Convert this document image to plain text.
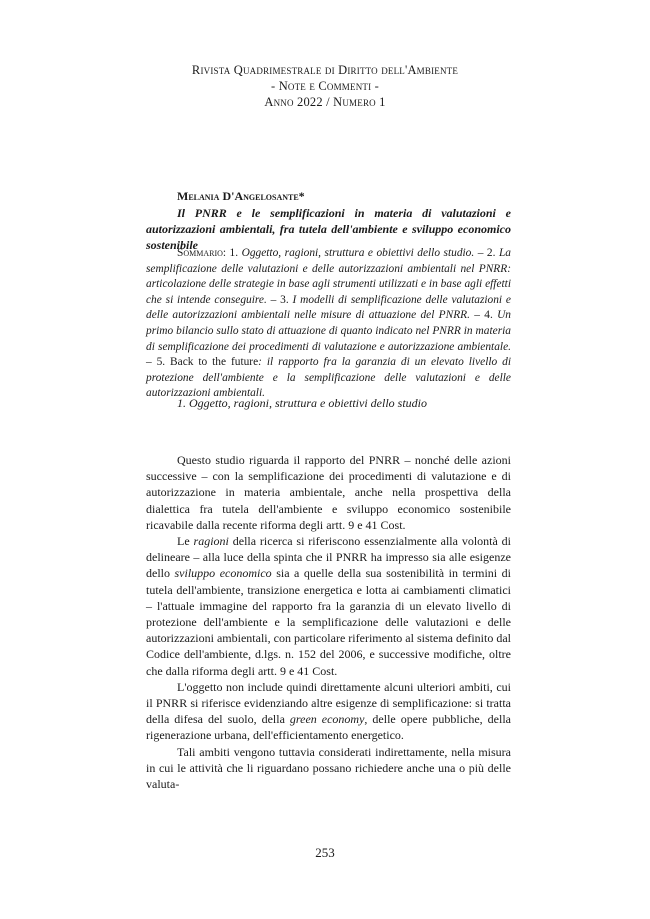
Rivista Quadrimestrale di Diritto dell'Ambiente
- Note e Commenti -
Anno 2022 / Numero 1
Melania D'Angelosante*
Il PNRR e le semplificazioni in materia di valutazioni e autorizzazioni ambientali, fra tutela dell'ambiente e sviluppo economico sostenibile
Sommario: 1. Oggetto, ragioni, struttura e obiettivi dello studio. – 2. La semplificazione delle valutazioni e delle autorizzazioni ambientali nel PNRR: articolazione delle strategie in base agli strumenti utilizzati e in base agli effetti che si intende conseguire. – 3. I modelli di semplificazione delle valutazioni e delle autorizzazioni ambientali nelle misure di attuazione del PNRR. – 4. Un primo bilancio sullo stato di attuazione di quanto indicato nel PNRR in materia di semplificazione dei procedimenti di valutazione e autorizzazione ambientale. – 5. Back to the future: il rapporto fra la garanzia di un elevato livello di protezione dell'ambiente e la semplificazione delle valutazioni e delle autorizzazioni ambientali.
1. Oggetto, ragioni, struttura e obiettivi dello studio

Questo studio riguarda il rapporto del PNRR – nonché delle azioni successive – con la semplificazione dei procedimenti di valutazione e di autorizzazione in materia ambientale, anche nella prospettiva della dialettica fra tutela dell'ambiente e sviluppo economico sostenibile ricavabile dalla recente riforma degli artt. 9 e 41 Cost.

Le ragioni della ricerca si riferiscono essenzialmente alla volontà di delineare – alla luce della spinta che il PNRR ha impresso sia alle esigenze dello sviluppo economico sia a quelle della sua sostenibilità in termini di tutela dell'ambiente, transizione energetica e lotta ai cambiamenti climatici – l'attuale immagine del rapporto fra la garanzia di un elevato livello di protezione dell'ambiente e la semplificazione delle valutazioni e delle autorizzazioni ambientali, con particolare riferimento al sistema definito dal Codice dell'ambiente, d.lgs. n. 152 del 2006, e successive modifiche, oltre che dalla riforma degli artt. 9 e 41 Cost.

L'oggetto non include quindi direttamente alcuni ulteriori ambiti, cui il PNRR si riferisce evidenziando altre esigenze di semplificazione: si tratta della difesa del suolo, della green economy, delle opere pubbliche, della rigenerazione urbana, dell'efficientamento energetico.

Tali ambiti vengono tuttavia considerati indirettamente, nella misura in cui le attività che li riguardano possano richiedere anche una o più delle valuta-

253
